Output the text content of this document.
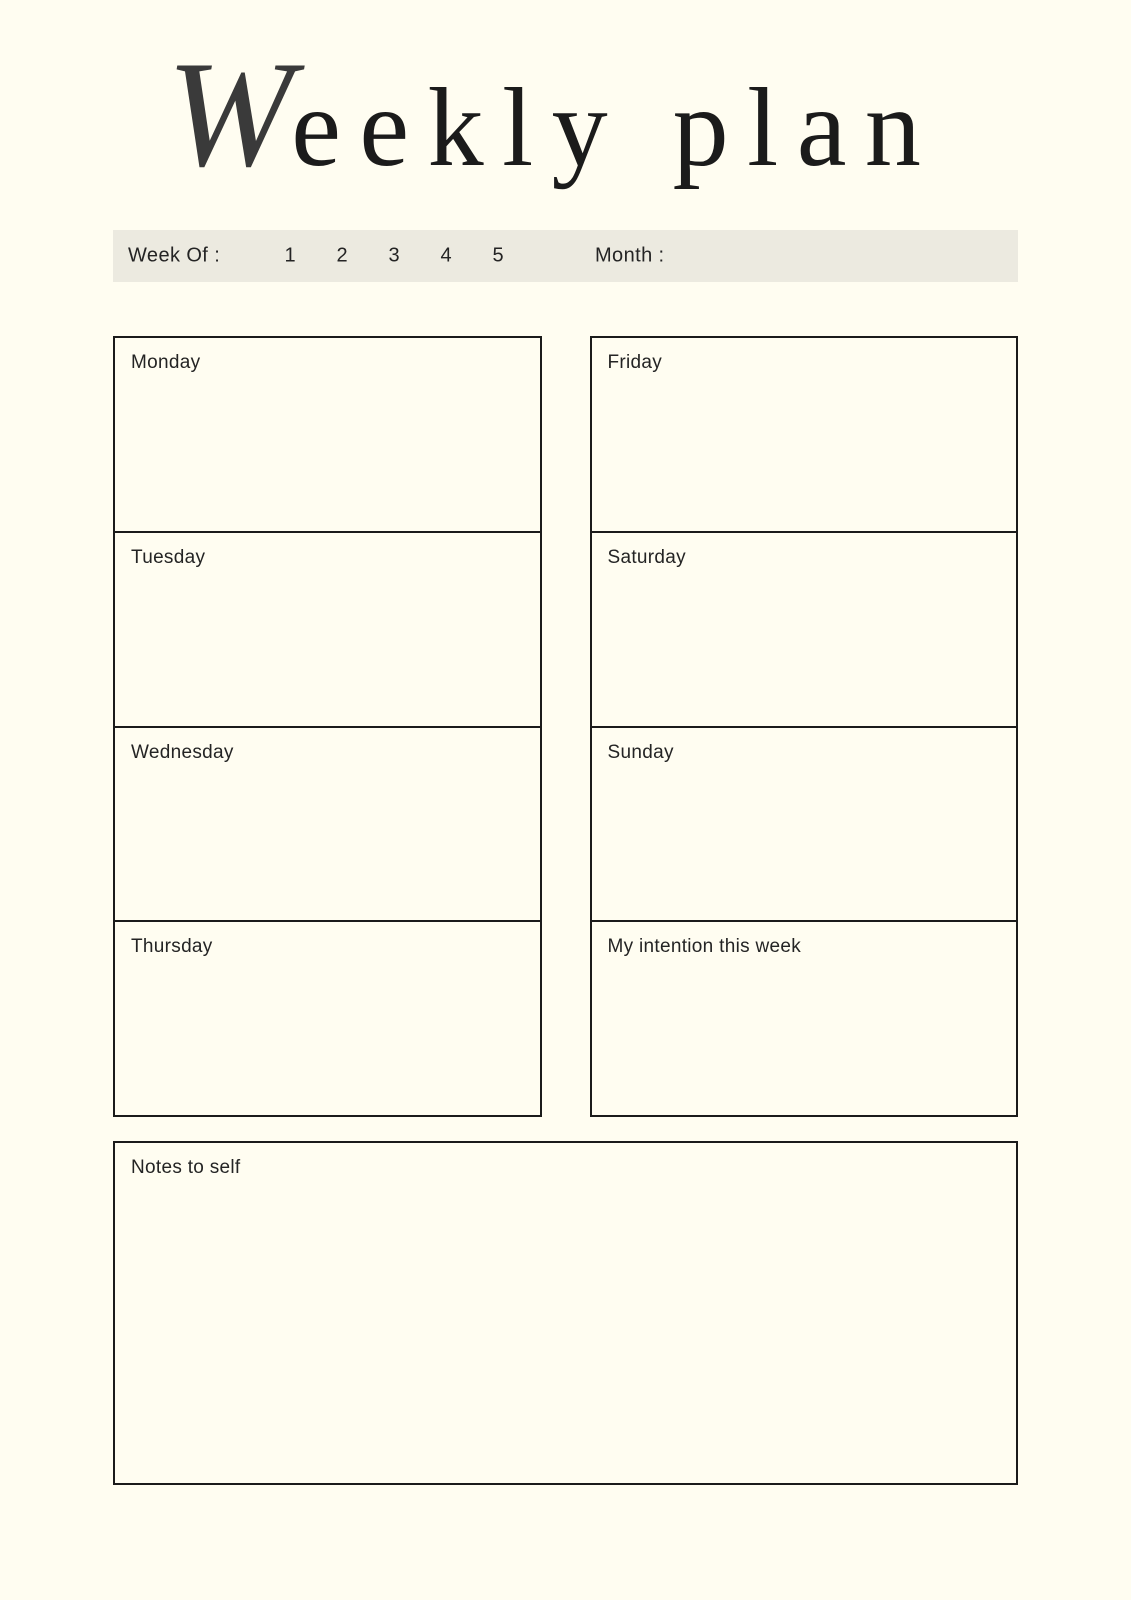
Weekly plan
Week Of :	1 2 3 4 5	Month :
Monday
Tuesday
Wednesday
Thursday
Friday
Saturday
Sunday
My intention this week
Notes to self
